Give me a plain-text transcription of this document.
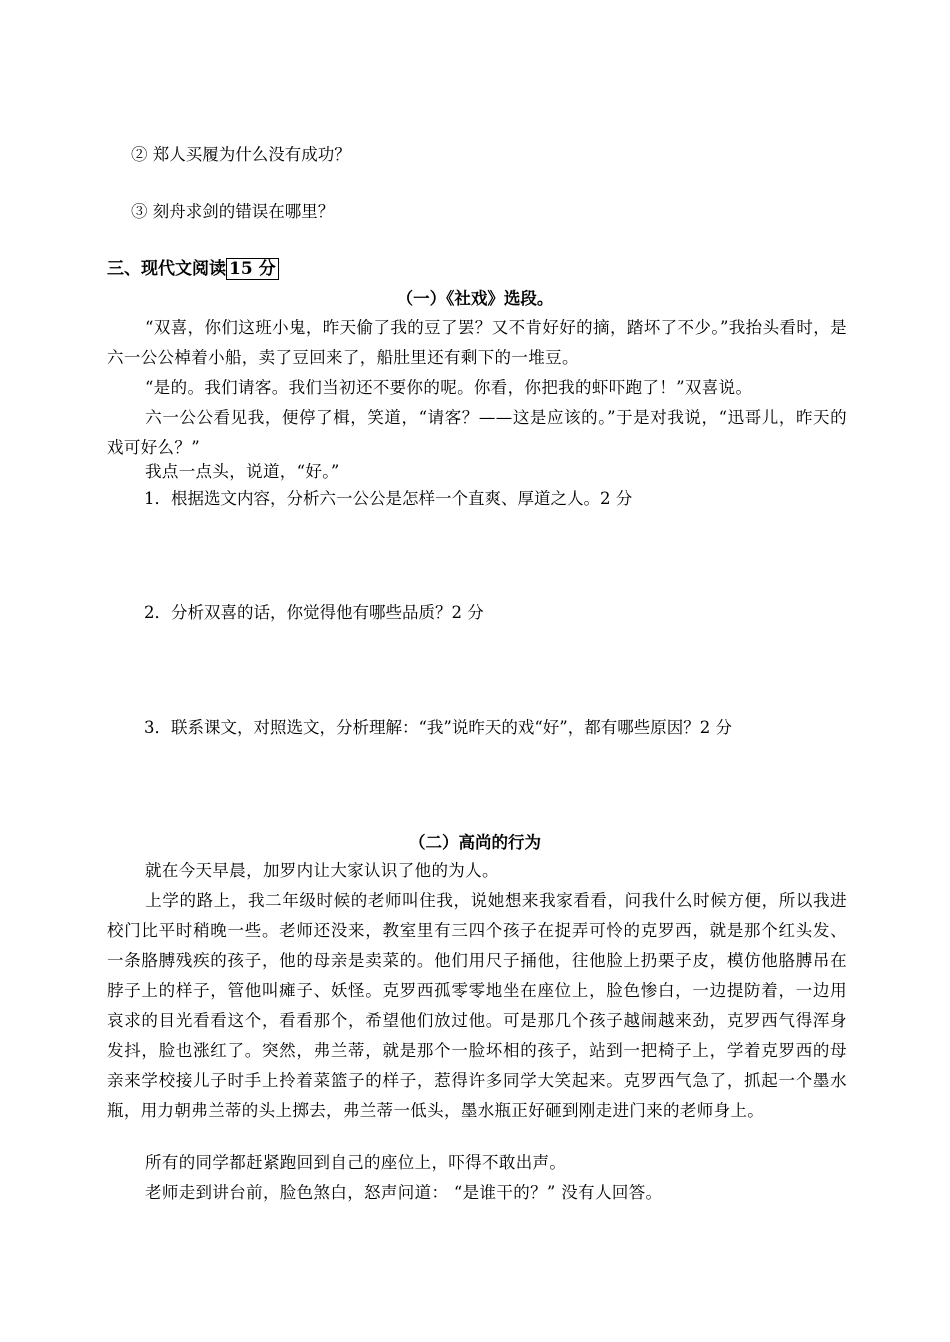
② 郑人买履为什么没有成功？
③ 刻舟求剑的错误在哪里？
三、现代文阅读 15 分
（一）《社戏》选段。
“双喜，你们这班小鬼，昨天偷了我的豆了罢？又不肯好好的摘，踏坏了不少。”我抬头看时，是六一公公棹着小船，卖了豆回来了，船肚里还有剩下的一堆豆。
“是的。我们请客。我们当初还不要你的呢。你看，你把我的虾吓跑了！”双喜说。
六一公公看见我，便停了楫，笑道，“请客？——这是应该的。”于是对我说，“迅哥儿，昨天的戏可好么？”
我点一点头，说道，“好。”
1．根据选文内容，分析六一公公是怎样一个直爽、厚道之人。2 分
2．分析双喜的话，你觉得他有哪些品质？2 分
3．联系课文，对照选文，分析理解：“我”说昨天的戏“好”，都有哪些原因？2 分
（二）高尚的行为
就在今天早晨，加罗内让大家认识了他的为人。
上学的路上，我二年级时候的老师叫住我，说她想来我家看看，问我什么时候方便，所以我进校门比平时稍晚一些。老师还没来，教室里有三四个孩子在捉弄可怜的克罗西，就是那个红头发、一条胳膊残疾的孩子，他的母亲是卖菜的。他们用尺子捅他，往他脸上扔栗子皮，模仿他胳膊吊在脖子上的样子，管他叫瘫子、妖怪。克罗西孤零零地坐在座位上，脸色惨白，一边提防着，一边用哀求的目光看看这个，看看那个，希望他们放过他。可是那几个孩子越闹越来劲，克罗西气得浑身发抖，脸也涨红了。突然，弗兰蒂，就是那个一脸坏相的孩子，站到一把椅子上，学着克罗西的母亲来学校接儿子时手上拎着菜篮子的样子，惹得许多同学大笑起来。克罗西气急了，抓起一个墨水瓶，用力朝弗兰蒂的头上掷去，弗兰蒂一低头，墨水瓶正好砸到刚走进门来的老师身上。
所有的同学都赶紧跑回到自己的座位上，吓得不敢出声。
老师走到讲台前，脸色煞白，怒声问道： “是谁干的？” 没有人回答。
